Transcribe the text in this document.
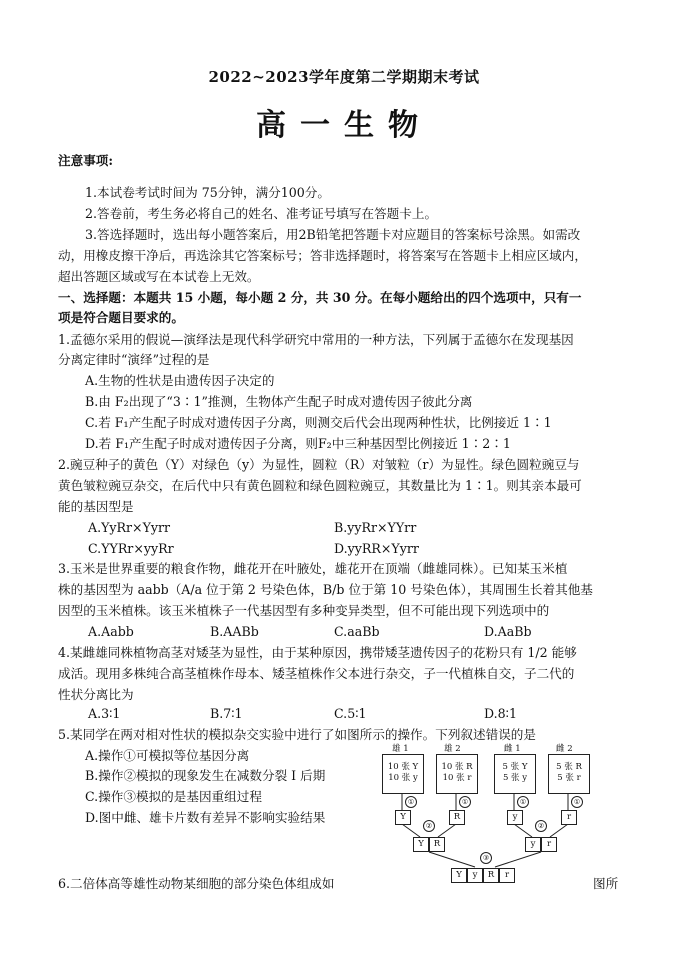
2022~2023学年度第二学期期末考试
高一生物
注意事项:
1.本试卷考试时间为 75分钟，满分100分。
2.答卷前，考生务必将自己的姓名、准考证号填写在答题卡上。
3.答选择题时，选出每小题答案后，用2B铅笔把答题卡对应题目的答案标号涂黑。如需改
动，用橡皮擦干净后，再选涂其它答案标号；答非选择题时，将答案写在答题卡上相应区域内，
超出答题区域或写在本试卷上无效。
一、选择题：本题共 15 小题，每小题 2 分，共 30 分。在每小题给出的四个选项中，只有一
项是符合题目要求的。
1.孟德尔采用的假说—演绎法是现代科学研究中常用的一种方法，下列属于孟德尔在发现基因
分离定律时“演绎”过程的是
A.生物的性状是由遗传因子决定的
B.由 F₂出现了“3∶1”推测，生物体产生配子时成对遗传因子彼此分离
C.若 F₁产生配子时成对遗传因子分离，则测交后代会出现两种性状，比例接近 1∶1
D.若 F₁产生配子时成对遗传因子分离，则F₂中三种基因型比例接近 1∶2∶1
2.豌豆种子的黄色（Y）对绿色（y）为显性，圆粒（R）对皱粒（r）为显性。绿色圆粒豌豆与
黄色皱粒豌豆杂交，在后代中只有黄色圆粒和绿色圆粒豌豆，其数量比为 1∶1。则其亲本最可
能的基因型是
A.YyRr×Yyrr	B.yyRr×YYrr
C.YYRr×yyRr	D.yyRR×Yyrr
3.玉米是世界重要的粮食作物，雌花开在叶腋处，雄花开在顶端（雌雄同株）。已知某玉米植
株的基因型为 aabb（A/a 位于第 2 号染色体，B/b 位于第 10 号染色体），其周围生长着其他基
因型的玉米植株。该玉米植株子一代基因型有多种变异类型，但不可能出现下列选项中的
A.Aabb	B.AABb	C.aaBb	D.AaBb
4.某雌雄同株植物高茎对矮茎为显性，由于某种原因，携带矮茎遗传因子的花粉只有 1/2 能够
成活。现用多株纯合高茎植株作母本、矮茎植株作父本进行杂交，子一代植株自交，子二代的
性状分离比为
A.3∶1	B.7∶1	C.5∶1	D.8∶1
5.某同学在两对相对性状的模拟杂交实验中进行了如图所示的操作。下列叙述错误的是
A.操作①可模拟等位基因分离
B.操作②模拟的现象发生在减数分裂 I 后期
C.操作③模拟的是基因重组过程
D.图中雌、雄卡片数有差异不影响实验结果
雄 1	雄 2	雌 1	雌 2
10 张 Y
10 张 y
10 张 R
10 张 r
5 张 Y
5 张 y
5 张 R
5 张 r
①	①	①	①
Y	R	y	r
②	②
Y	R	y	r
③
Y	y	R	r
6.二倍体高等雄性动物某细胞的部分染色体组成如	图所
